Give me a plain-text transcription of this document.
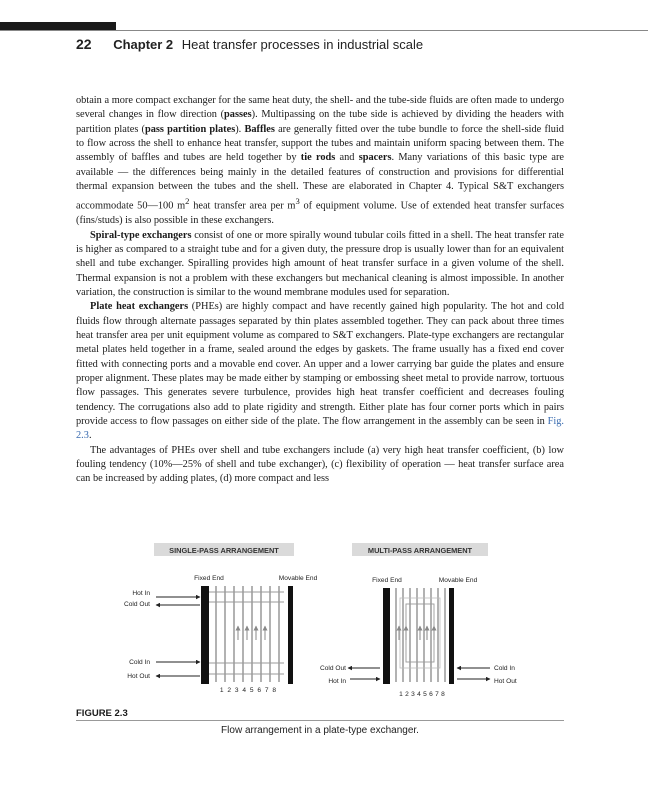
22 Chapter 2 Heat transfer processes in industrial scale

obtain a more compact exchanger for the same heat duty, the shell- and the tube-side fluids are often made to undergo several changes in flow direction (passes). Multipassing on the tube side is achieved by dividing the headers with partition plates (pass partition plates). Baffles are generally fitted over the tube bundle to force the shell-side fluid to flow across the shell to enhance heat transfer, support the tubes and maintain uniform spacing between them. The assembly of baffles and tubes are held together by tie rods and spacers. Many variations of this basic type are available — the differences being mainly in the detailed features of construction and provisions for differential thermal expansion between the tubes and the shell. These are elaborated in Chapter 4. Typical S&T exchangers accommodate 50—100 $m^2$ heat transfer area per $m^3$ of equipment volume. Use of extended heat transfer surfaces (fins/studs) is also possible in these exchangers.

Spiral-type exchangers consist of one or more spirally wound tubular coils fitted in a shell. The heat transfer rate is higher as compared to a straight tube and for a given duty, the pressure drop is usually lower than for an equivalent shell and tube exchanger. Spiralling provides high amount of heat transfer surface in a given volume of the shell. Thermal expansion is not a problem with these exchangers but mechanical cleaning is almost impossible. In another variation, the construction is similar to the wound membrane modules used for separation.

Plate heat exchangers (PHEs) are highly compact and have recently gained high popularity. The hot and cold fluids flow through alternate passages separated by thin plates assembled together. They can pack about three times heat transfer area per unit equipment volume as compared to S&T exchangers. Plate-type exchangers are rectangular metal plates held together in a frame, sealed around the edges by gaskets. The frame usually has a fixed end cover fitted with connecting ports and a movable end cover. An upper and a lower carrying bar guide the plates and ensure proper alignment. These plates may be made either by stamping or embossing sheet metal to provide narrow, tortuous flow passages. This generates severe turbulence, provides high heat transfer coefficient and decreases fouling tendency. The corrugations also add to plate rigidity and strength. Either plate has four corner ports which in pairs provide access to flow passages on either side of the plate. The flow arrangement in the assembly can be seen in Fig. 2.3.

The advantages of PHEs over shell and tube exchangers include (a) very high heat transfer coefficient, (b) low fouling tendency (10%—25% of shell and tube exchanger), (c) flexibility of operation — heat transfer surface area can be increased by adding plates, (d) more compact and less

SINGLE-PASS ARRANGEMENT	MULTI-PASS ARRANGEMENT
Fixed End	Movable End
Hot In
Cold Out
Cold In
Hot Out
1 2 3 4 5 6 7 8
Fixed End	Movable End
Cold Out
Hot In
Cold In
Hot Out
1 2 3 4 5 6 7 8
FIGURE 2.3
Flow arrangement in a plate-type exchanger.
